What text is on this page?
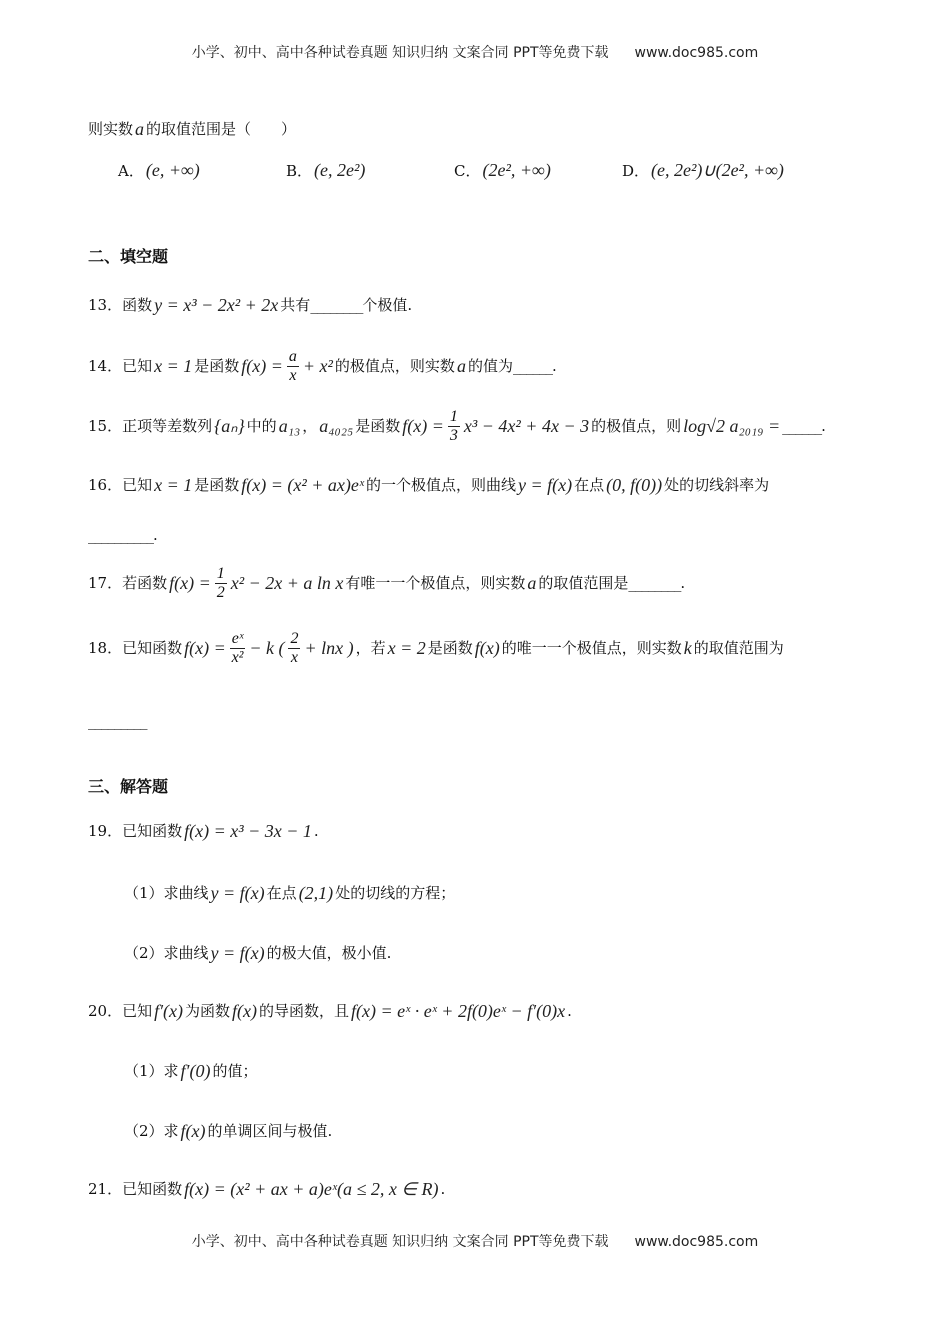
小学、初中、高中各种试卷真题 知识归纳 文案合同 PPT等免费下载 www.doc985.com
则实数 a 的取值范围是（　　）
A． (e, +∞)	B． (e, 2e²)	C． (2e², +∞)	D． (e, 2e²)∪(2e², +∞)
二、填空题
13．函数 y = x³ − 2x² + 2x 共有 ________ 个极值.
14．已知 x = 1 是函数 $f(x) = \frac{a}{x} + x^2$ 的极值点，则实数 a 的值为 ______ .
15．正项等差数列 {aₙ} 中的 a₁₃ ， a₄₀₂₅ 是函数 $f(x) = \frac{1}{3} x^3 - 4x^2 + 4x - 3$ 的极值点，则 log√2 a₂₀₁₉ = ______ .
16．已知 x = 1 是函数 f(x) = (x² + ax)eˣ 的一个极值点，则曲线 y = f(x) 在点 (0, f(0)) 处的切线斜率为
__________ .
17．若函数 $f(x) = \frac{1}{2} x^2 - 2x + a$ ln x 有唯一一个极值点，则实数 a 的取值范围是 ________ .
18．已知函数 $f(x) = \frac{\text{eˣ}}{\text{x²}} - k$ ( $\frac{2}{x} + \ln x$ ) ，若 x = 2 是函数 f(x) 的唯一一个极值点，则实数 k 的取值范围为
_________
三、解答题
19．已知函数 f(x) = x³ − 3x − 1 .
（1）求曲线 y = f(x) 在点 (2,1) 处的切线的方程；
（2）求曲线 y = f(x) 的极大值，极小值.
20．已知 f′(x) 为函数 f(x) 的导函数，且 f(x) = eˣ · eˣ + 2f(0)eˣ − f′(0)x .
（1）求 f′(0) 的值；
（2）求 f(x) 的单调区间与极值.
21．已知函数 f(x) = (x² + ax + a)eˣ(a ≤ 2, x ∈ R) .
小学、初中、高中各种试卷真题 知识归纳 文案合同 PPT等免费下载 www.doc985.com
